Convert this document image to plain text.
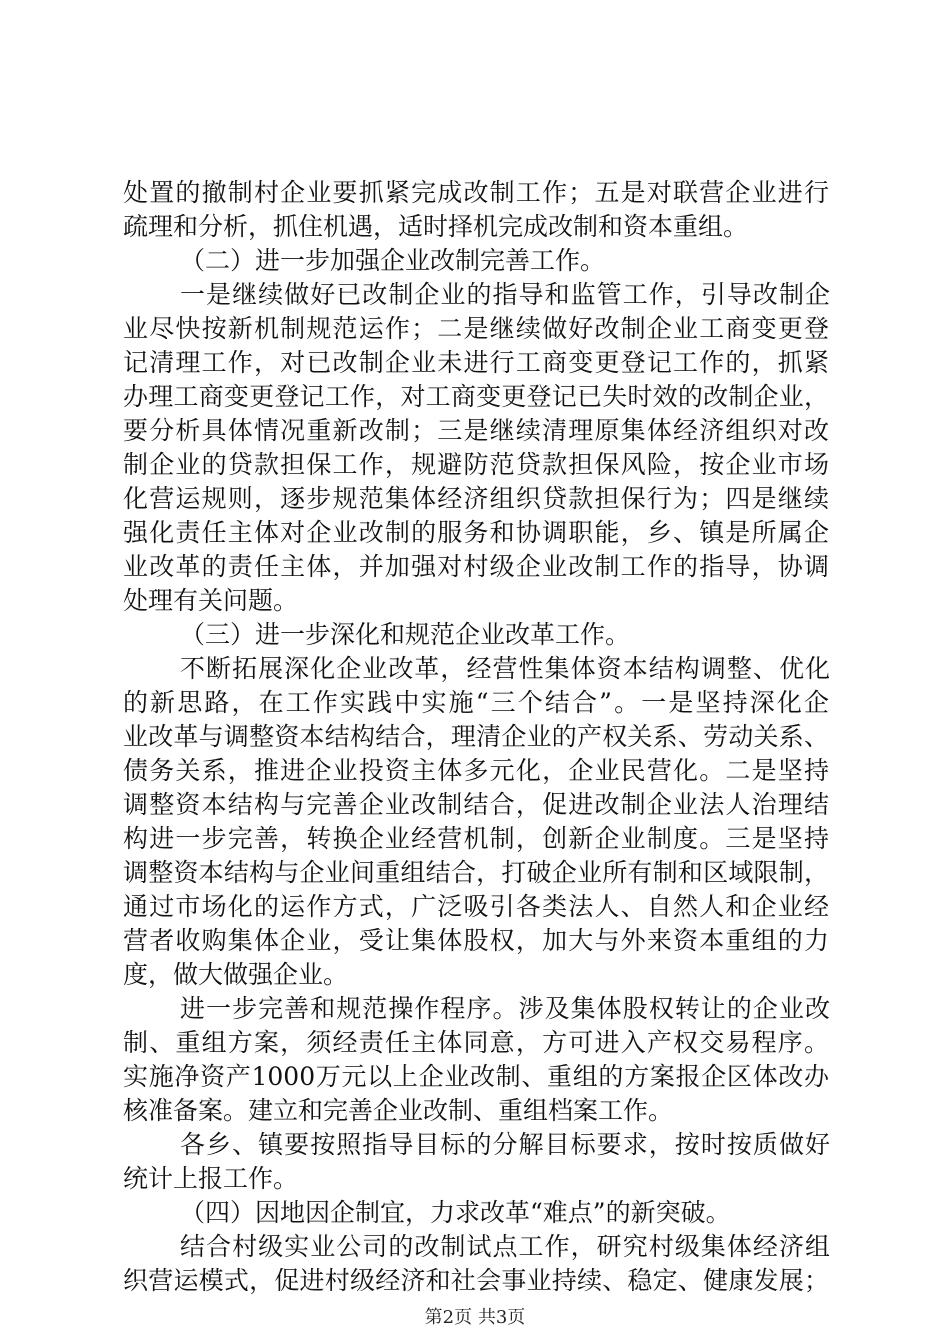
处置的撤制村企业要抓紧完成改制工作；五是对联营企业进行
疏理和分析，抓住机遇，适时择机完成改制和资本重组。
（二）进一步加强企业改制完善工作。
一是继续做好已改制企业的指导和监管工作，引导改制企
业尽快按新机制规范运作；二是继续做好改制企业工商变更登
记清理工作，对已改制企业未进行工商变更登记工作的，抓紧
办理工商变更登记工作，对工商变更登记已失时效的改制企业，
要分析具体情况重新改制；三是继续清理原集体经济组织对改
制企业的贷款担保工作，规避防范贷款担保风险，按企业市场
化营运规则，逐步规范集体经济组织贷款担保行为；四是继续
强化责任主体对企业改制的服务和协调职能，乡、镇是所属企
业改革的责任主体，并加强对村级企业改制工作的指导，协调
处理有关问题。
（三）进一步深化和规范企业改革工作。
不断拓展深化企业改革，经营性集体资本结构调整、优化
的新思路，在工作实践中实施“三个结合”。一是坚持深化企
业改革与调整资本结构结合，理清企业的产权关系、劳动关系、
债务关系，推进企业投资主体多元化，企业民营化。二是坚持
调整资本结构与完善企业改制结合，促进改制企业法人治理结
构进一步完善，转换企业经营机制，创新企业制度。三是坚持
调整资本结构与企业间重组结合，打破企业所有制和区域限制，
通过市场化的运作方式，广泛吸引各类法人、自然人和企业经
营者收购集体企业，受让集体股权，加大与外来资本重组的力
度，做大做强企业。
进一步完善和规范操作程序。涉及集体股权转让的企业改
制、重组方案，须经责任主体同意，方可进入产权交易程序。
实施净资产1000万元以上企业改制、重组的方案报企区体改办
核准备案。建立和完善企业改制、重组档案工作。
各乡、镇要按照指导目标的分解目标要求，按时按质做好
统计上报工作。
（四）因地因企制宜，力求改革“难点”的新突破。
结合村级实业公司的改制试点工作，研究村级集体经济组
织营运模式，促进村级经济和社会事业持续、稳定、健康发展；
第2页 共3页
